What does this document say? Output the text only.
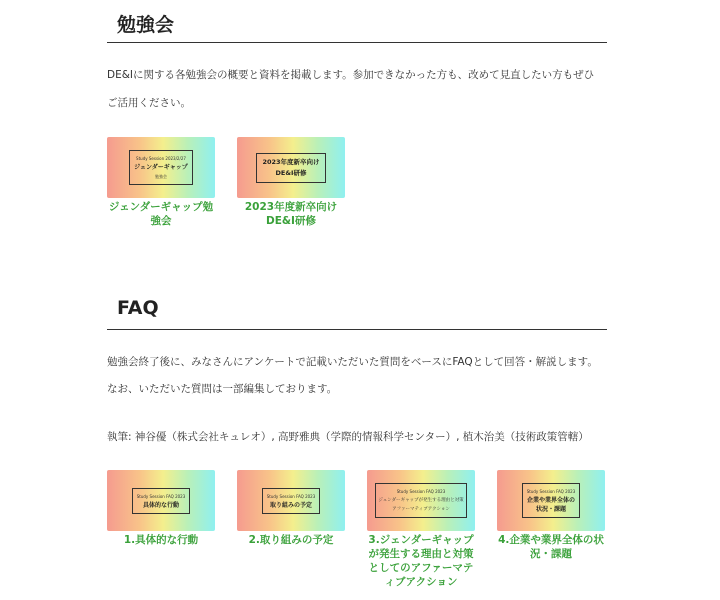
勉強会
DE&Iに関する各勉強会の概要と資料を掲載します。参加できなかった方も、改めて見直したい方もぜひ
ご活用ください。
Study Session 2023/2/27
ジェンダーギャップ
勉強会
ジェンダーギャップ勉強会
2023年度新卒向け
DE&I研修
2023年度新卒向けDE&I研修
FAQ
勉強会終了後に、みなさんにアンケートで記載いただいた質問をベースにFAQとして回答・解説します。
なお、いただいた質問は一部編集しております。
執筆: 神谷優（株式会社キュレオ）, 高野雅典（学際的情報科学センター）, 植木治美（技術政策管轄）
Study Session FAQ 2023
具体的な行動
1.具体的な行動
Study Session FAQ 2023
取り組みの予定
2.取り組みの予定
Study Session FAQ 2023
ジェンダーギャップが発生する理由と対策
アファーマティブアクション
3.ジェンダーギャップが発生する理由と対策としてのアファーマティブアクション
Study Session FAQ 2023
企業や業界全体の
状況・課題
4.企業や業界全体の状況・課題
